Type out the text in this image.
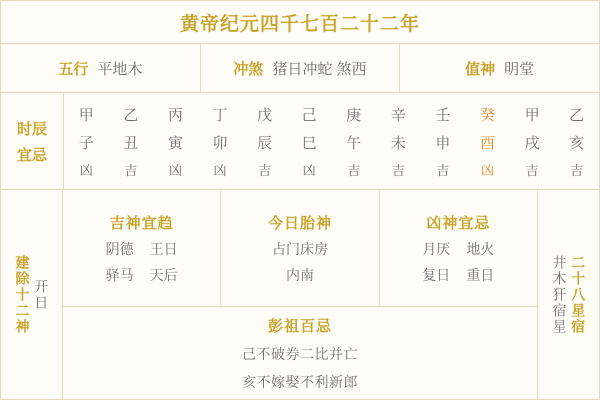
黄帝纪元四千七百二十二年
五行 平地木	冲煞 猪日冲蛇 煞西	值神 明堂
时辰
宜忌
甲
子
凶
乙
丑
吉
丙
寅
凶
丁
卯
凶
戊
辰
吉
己
巳
凶
庚
午
吉
辛
未
吉
壬
申
吉
癸
酉
凶
甲
戌
吉
乙
亥
吉
建除十二神 开日
吉神宜趋
阴德 王日
驿马 天后
今日胎神
占门床房
内南
凶神宜忌
月厌 地火
复日 重日
彭祖百忌
己不破券二比并亡
亥不嫁娶不利新郎
井木犴宿星 二十八星宿
